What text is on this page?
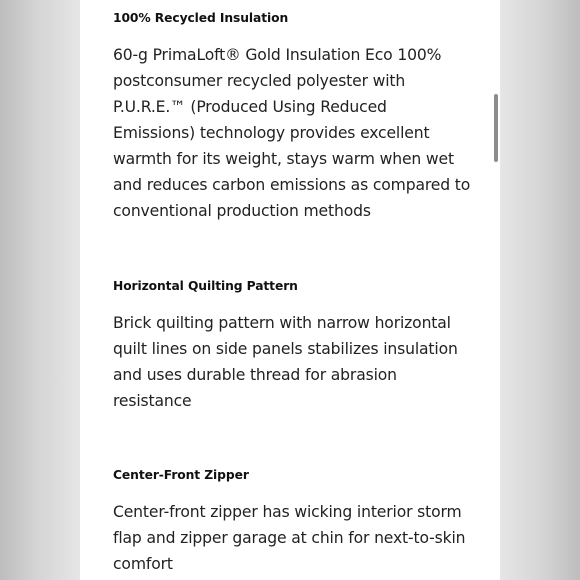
100% Recycled Insulation

60-g PrimaLoft® Gold Insulation Eco 100% postconsumer recycled polyester with P.U.R.E.™ (Produced Using Reduced Emissions) technology provides excellent warmth for its weight, stays warm when wet and reduces carbon emissions as compared to conventional production methods

Horizontal Quilting Pattern

Brick quilting pattern with narrow horizontal quilt lines on side panels stabilizes insulation and uses durable thread for abrasion resistance

Center-Front Zipper

Center-front zipper has wicking interior storm flap and zipper garage at chin for next-to-skin comfort
